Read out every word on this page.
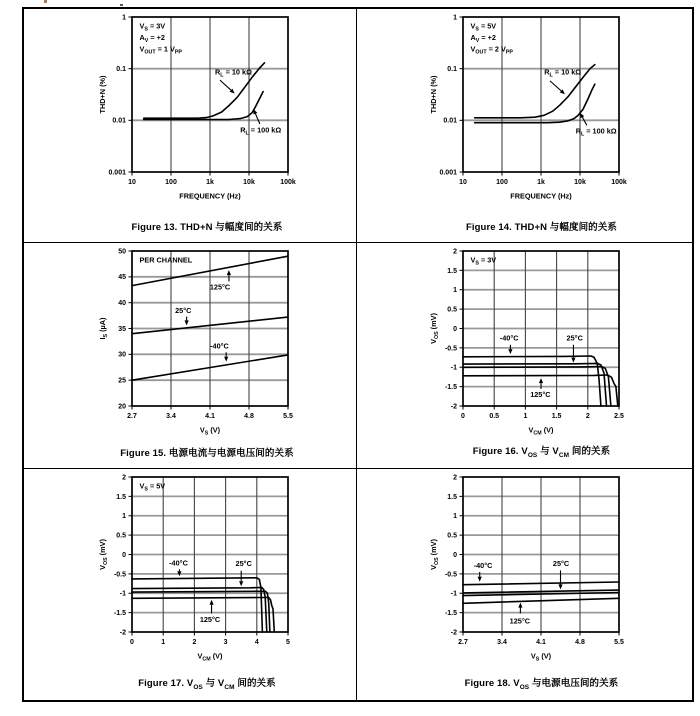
10	100	1k	10k	100k
0.001
0.01
0.1
1
FREQUENCY (Hz)
THD+N (%)
$V_S = 3V$
$A_V = +2$
$V_{OUT} = 1$ $V_{PP}$
$R_L = 10$ kΩ
$R_L = 100$ kΩ
Figure 13. THD+N 与幅度间的关系
10	100	1k	10k	100k
0.001
0.01
0.1
1
FREQUENCY (Hz)
THD+N (%)
$V_S = 5V$
$A_V = +2$
$V_{OUT} = 2$ $V_{PP}$
$R_L = 10$ kΩ
$R_L = 100$ kΩ
Figure 14. THD+N 与幅度间的关系
2.7	3.4	4.1	4.8	5.5
20
25
30
35
40
45
50
$V_S$ (V)
$I_S$ (µA)
PER CHANNEL
125°C
25°C
-40°C
Figure 15. 电源电流与电源电压间的关系
0	0.5	1	1.5	2	2.5
-2
-1.5
-1
-0.5
0
0.5
1
1.5
2
$V_{CM}$ (V)
$V_{OS}$ (mV)
$V_S = 3V$
-40°C	25°C
125°C
Figure 16. $V_{OS}$ 与 $V_{CM}$ 间的关系
0	1	2	3	4	5
-2
-1.5
-1
-0.5
0
0.5
1
1.5
2
$V_{CM}$ (V)
$V_{OS}$ (mV)
$V_S = 5V$
-40°C	25°C
125°C
Figure 17. $V_{OS}$ 与 $V_{CM}$ 间的关系
2.7	3.4	4.1	4.8	5.5
-2
-1.5
-1
-0.5
0
0.5
1
1.5
2
$V_S$ (V)
$V_{OS}$ (mV)
-40°C	25°C
125°C
Figure 18. $V_{OS}$ 与电源电压间的关系
